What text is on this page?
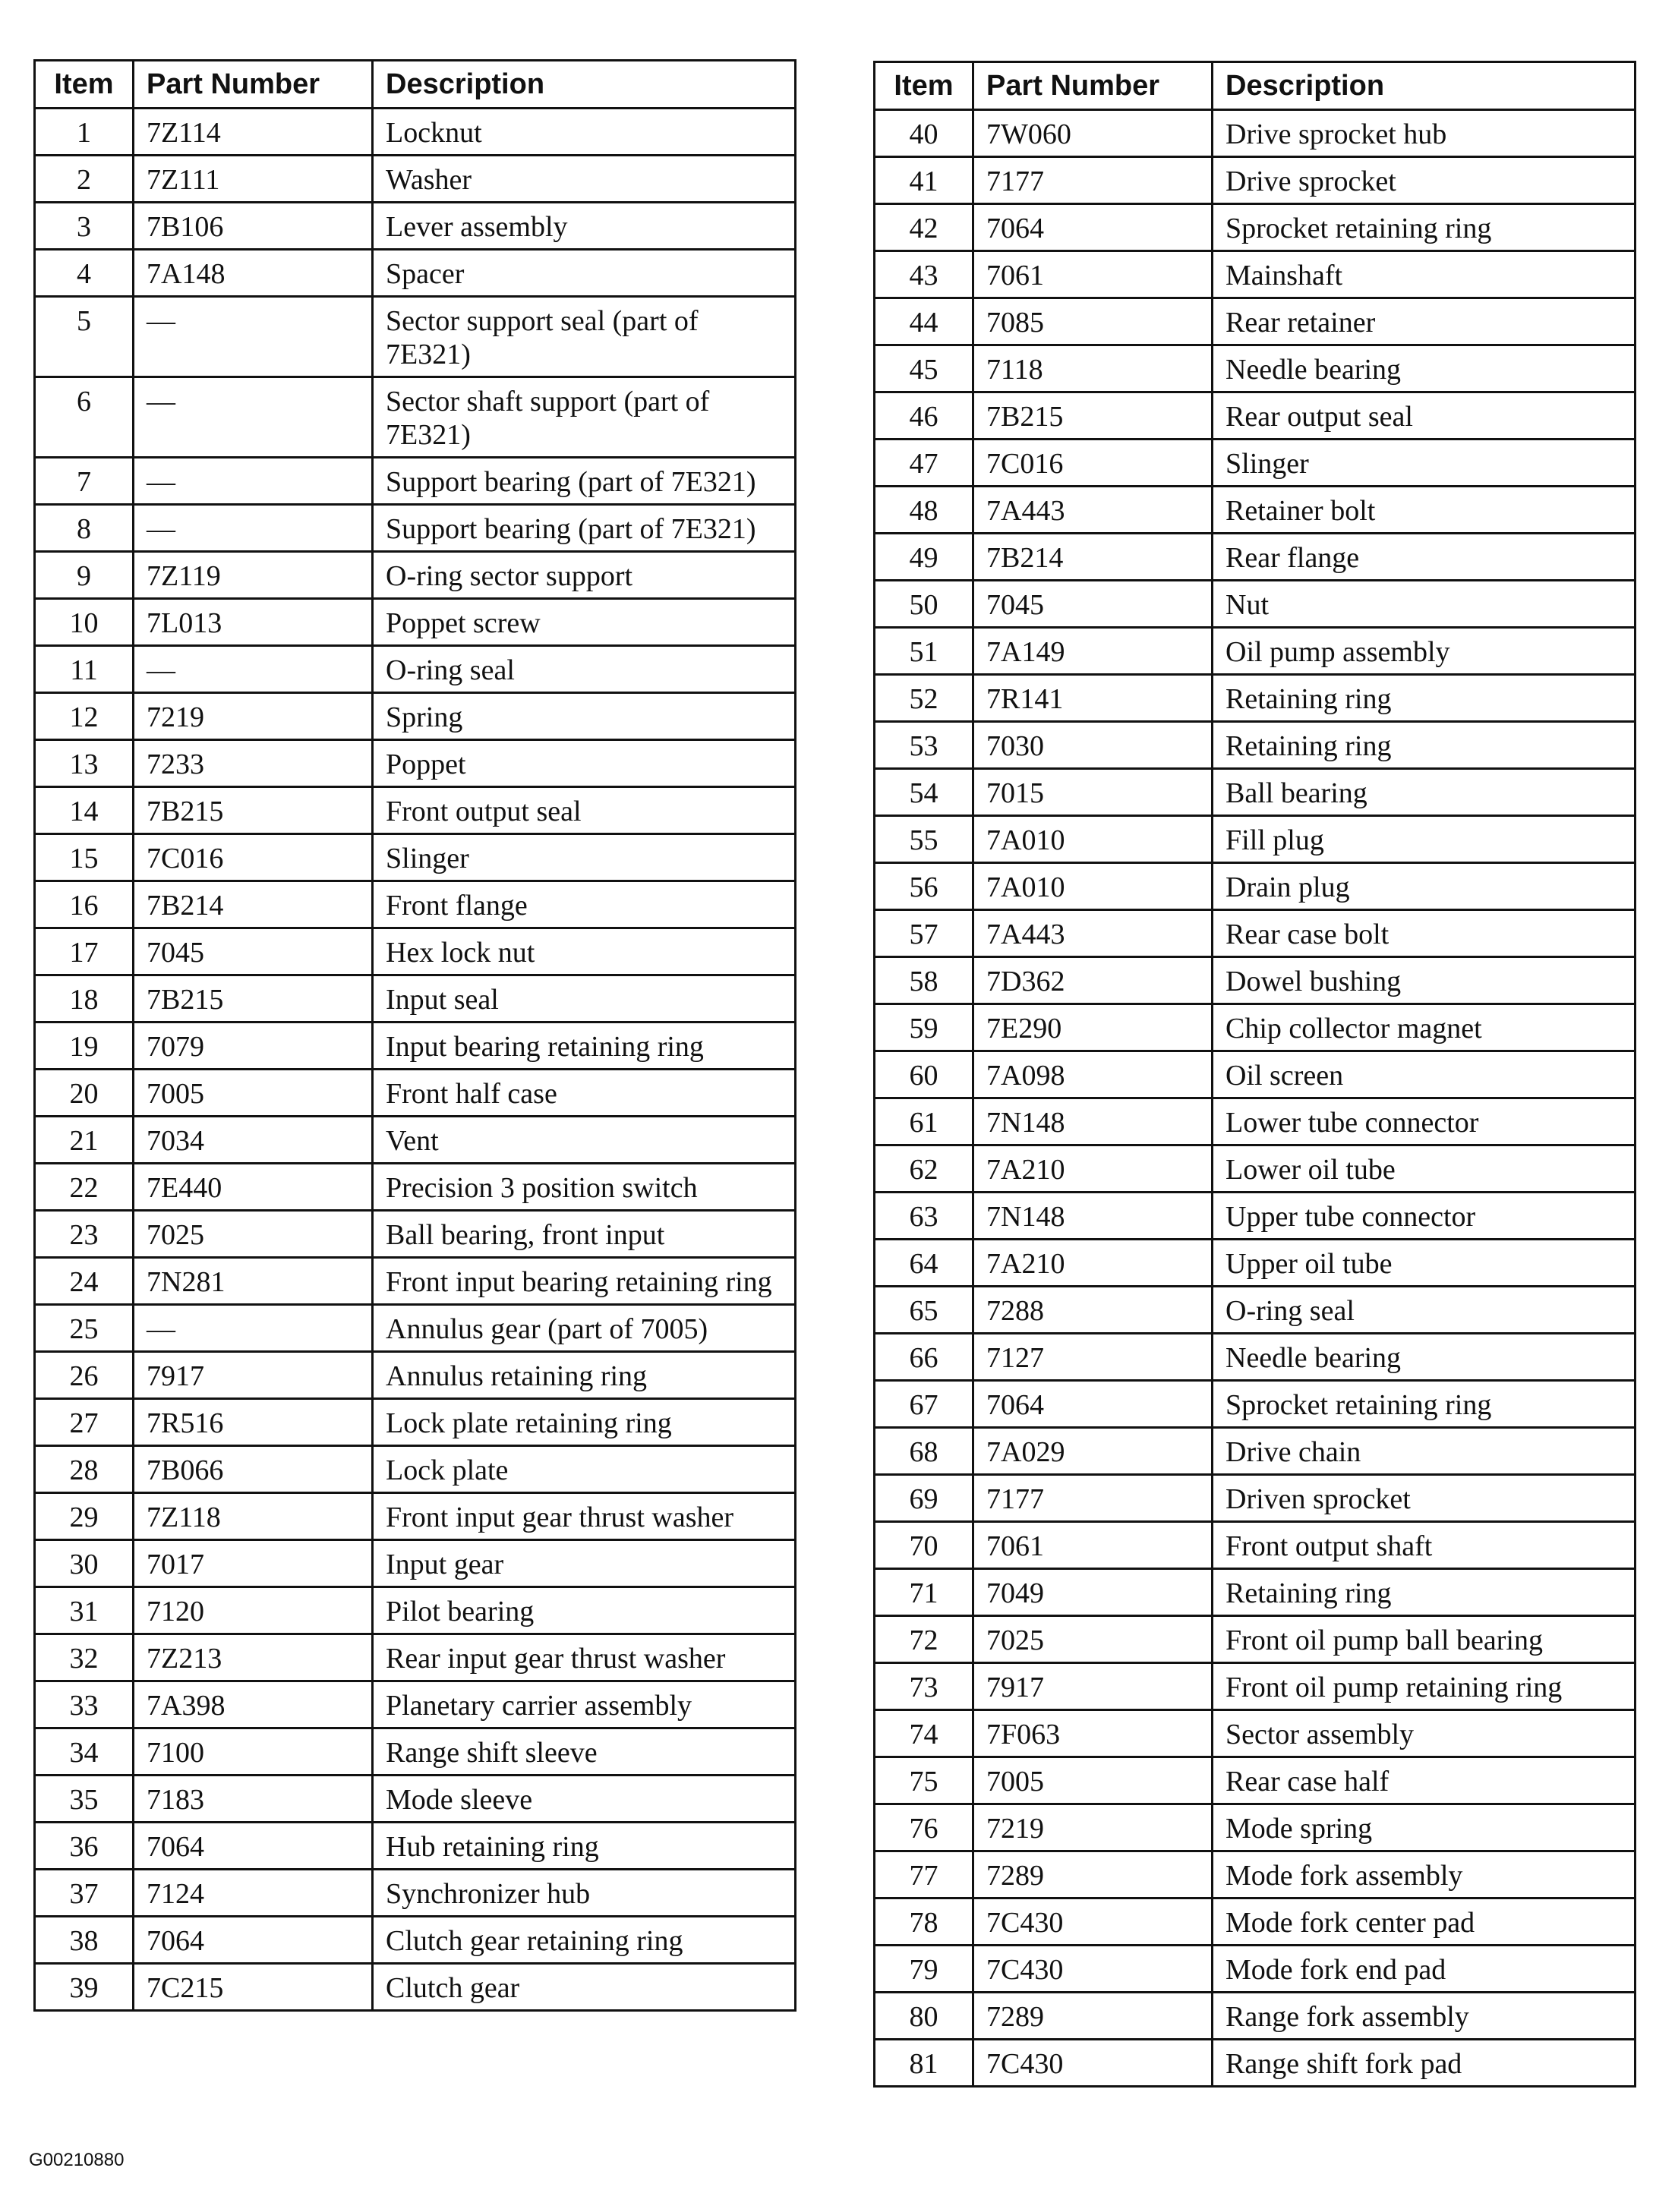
Item	Part Number	Description
1	7Z114	Locknut
2	7Z111	Washer
3	7B106	Lever assembly
4	7A148	Spacer
5	—	Sector support seal (part of 7E321)
6	—	Sector shaft support (part of 7E321)
7	—	Support bearing (part of 7E321)
8	—	Support bearing (part of 7E321)
9	7Z119	O-ring sector support
10	7L013	Poppet screw
11	—	O-ring seal
12	7219	Spring
13	7233	Poppet
14	7B215	Front output seal
15	7C016	Slinger
16	7B214	Front flange
17	7045	Hex lock nut
18	7B215	Input seal
19	7079	Input bearing retaining ring
20	7005	Front half case
21	7034	Vent
22	7E440	Precision 3 position switch
23	7025	Ball bearing, front input
24	7N281	Front input bearing retaining ring
25	—	Annulus gear (part of 7005)
26	7917	Annulus retaining ring
27	7R516	Lock plate retaining ring
28	7B066	Lock plate
29	7Z118	Front input gear thrust washer
30	7017	Input gear
31	7120	Pilot bearing
32	7Z213	Rear input gear thrust washer
33	7A398	Planetary carrier assembly
34	7100	Range shift sleeve
35	7183	Mode sleeve
36	7064	Hub retaining ring
37	7124	Synchronizer hub
38	7064	Clutch gear retaining ring
39	7C215	Clutch gear
Item	Part Number	Description
40	7W060	Drive sprocket hub
41	7177	Drive sprocket
42	7064	Sprocket retaining ring
43	7061	Mainshaft
44	7085	Rear retainer
45	7118	Needle bearing
46	7B215	Rear output seal
47	7C016	Slinger
48	7A443	Retainer bolt
49	7B214	Rear flange
50	7045	Nut
51	7A149	Oil pump assembly
52	7R141	Retaining ring
53	7030	Retaining ring
54	7015	Ball bearing
55	7A010	Fill plug
56	7A010	Drain plug
57	7A443	Rear case bolt
58	7D362	Dowel bushing
59	7E290	Chip collector magnet
60	7A098	Oil screen
61	7N148	Lower tube connector
62	7A210	Lower oil tube
63	7N148	Upper tube connector
64	7A210	Upper oil tube
65	7288	O-ring seal
66	7127	Needle bearing
67	7064	Sprocket retaining ring
68	7A029	Drive chain
69	7177	Driven sprocket
70	7061	Front output shaft
71	7049	Retaining ring
72	7025	Front oil pump ball bearing
73	7917	Front oil pump retaining ring
74	7F063	Sector assembly
75	7005	Rear case half
76	7219	Mode spring
77	7289	Mode fork assembly
78	7C430	Mode fork center pad
79	7C430	Mode fork end pad
80	7289	Range fork assembly
81	7C430	Range shift fork pad
G00210880
